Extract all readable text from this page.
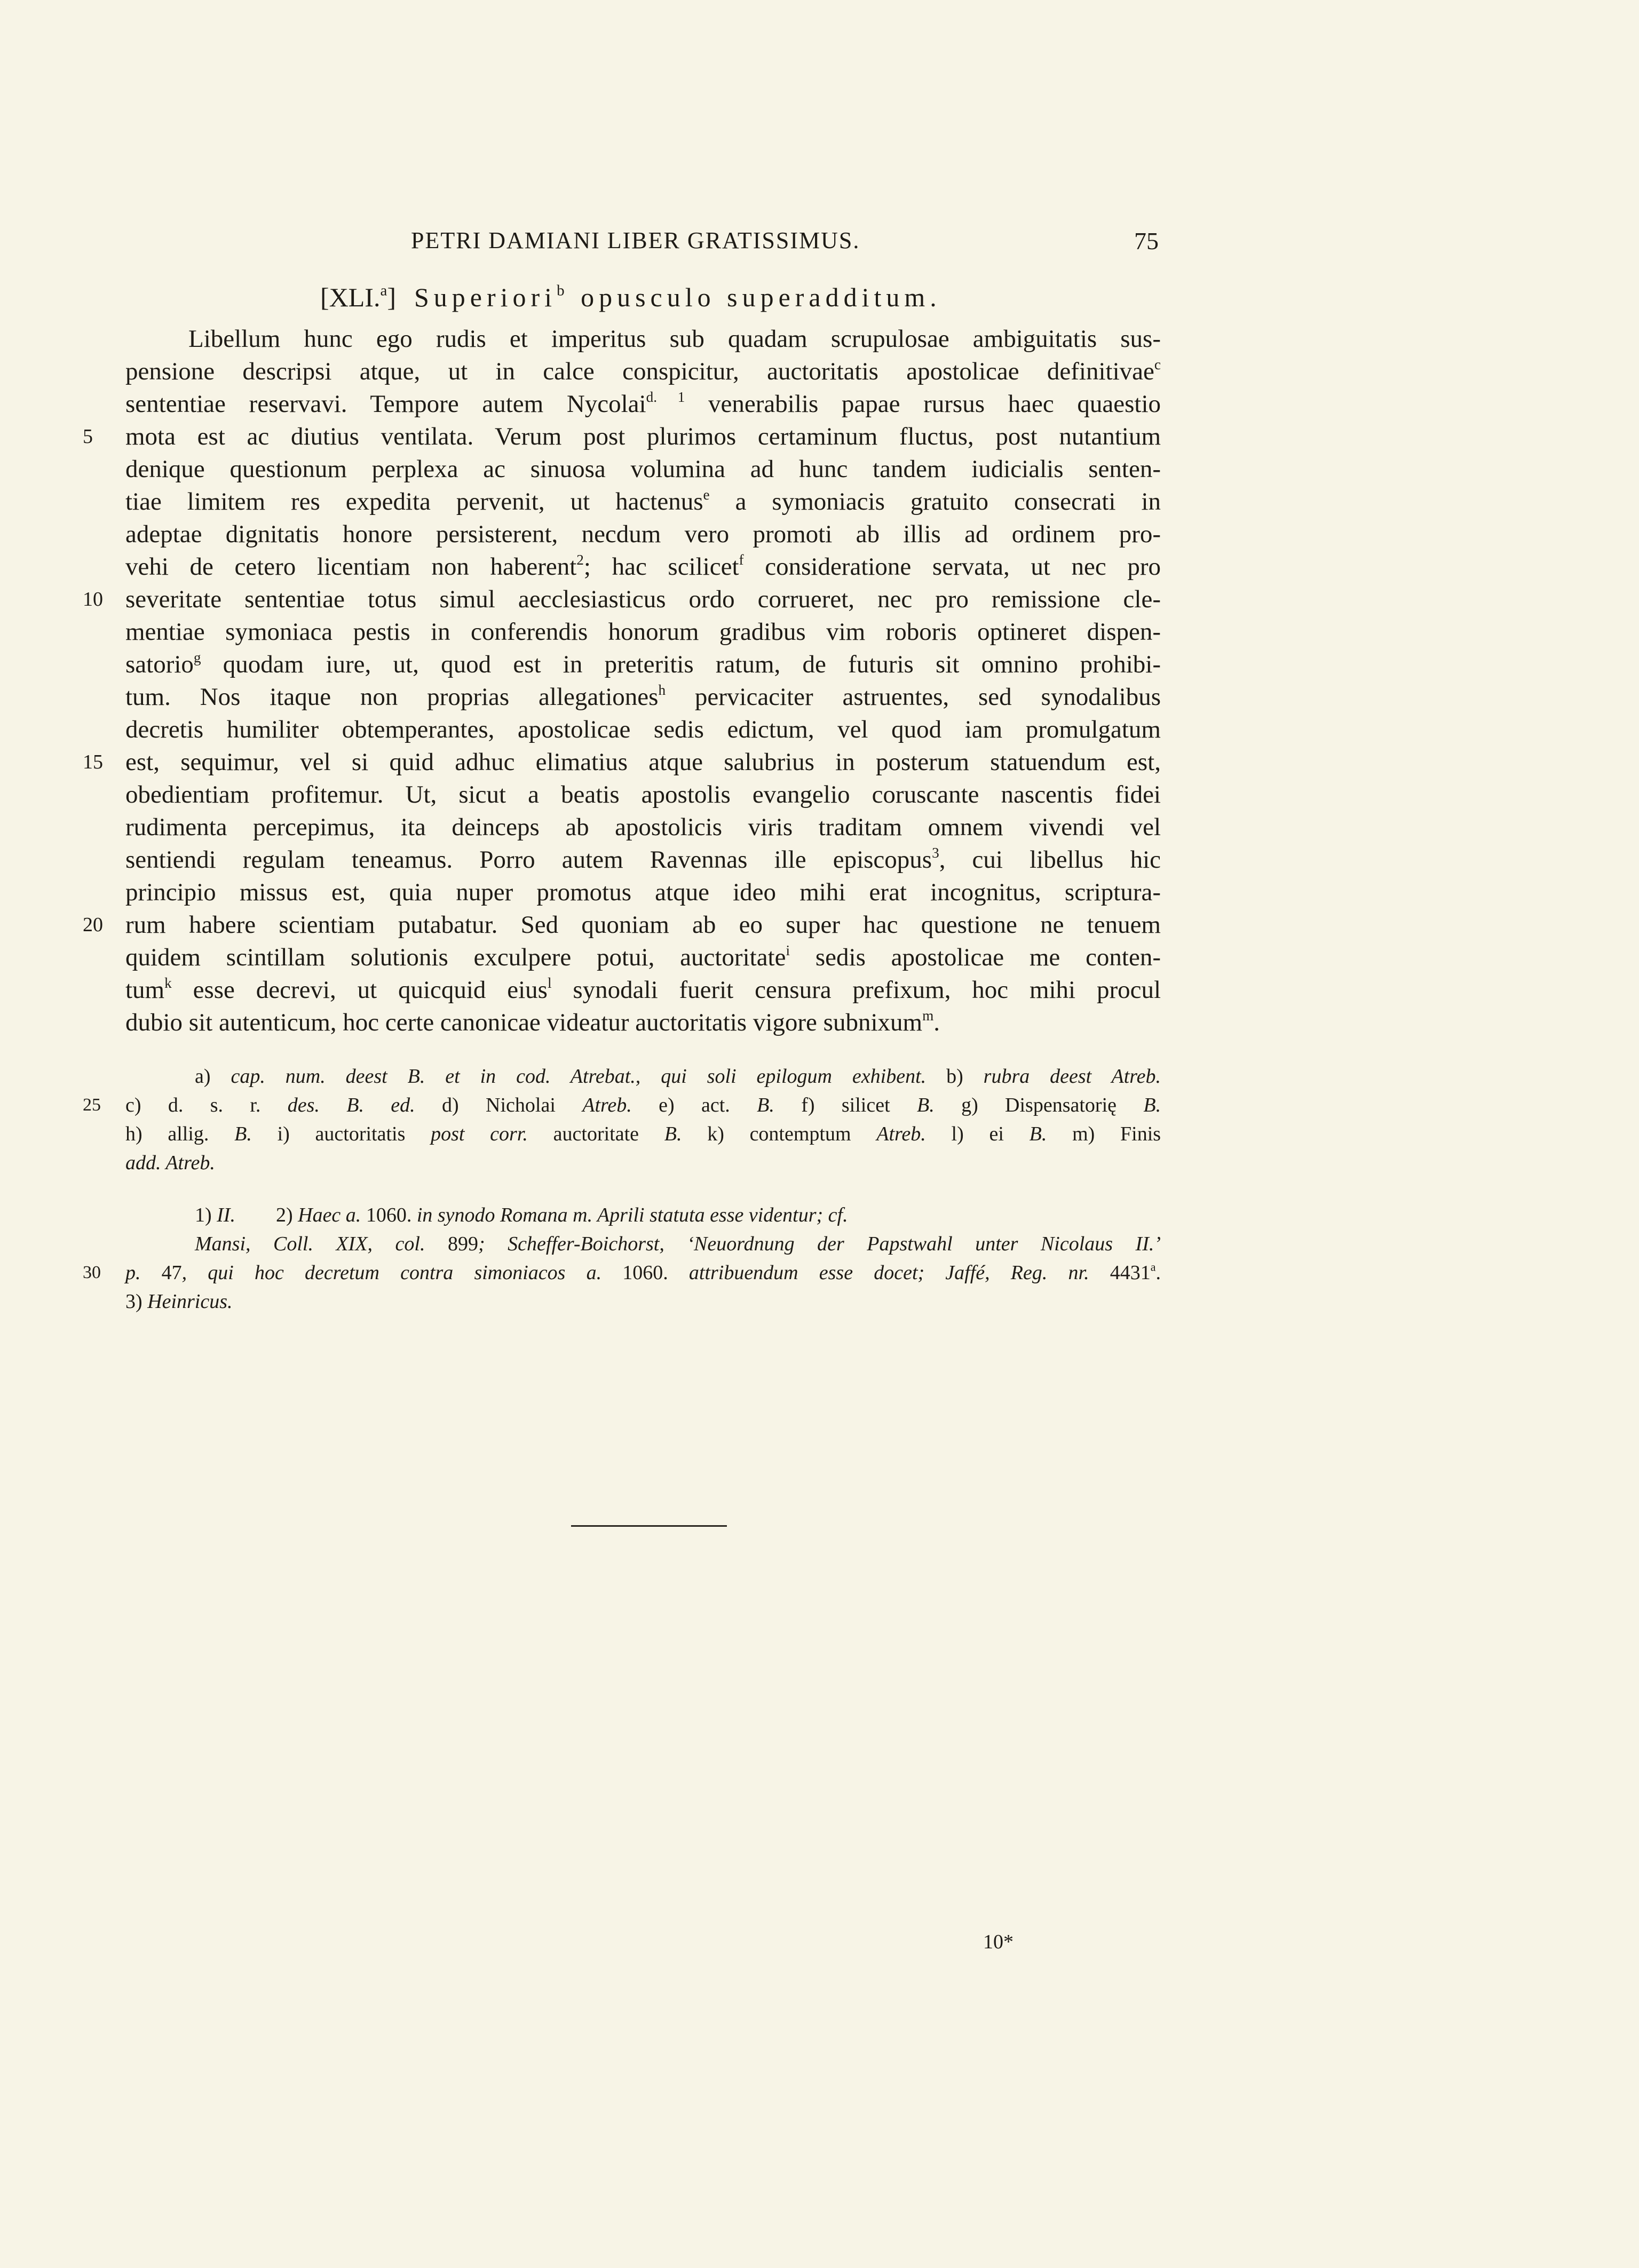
PETRI DAMIANI LIBER GRATISSIMUS.	75
[XLI.$^a$] Superiori$^b$ opusculo superadditum.
Libellum hunc ego rudis et imperitus sub quadam scrupulosae ambiguitatis sus-
pensione descripsi atque, ut in calce conspicitur, auctoritatis apostolicae definitivae$^c$
sententiae reservavi. Tempore autem Nycolai$^{d. 1}$ venerabilis papae rursus haec quaestio
5	mota est ac diutius ventilata. Verum post plurimos certaminum fluctus, post nutantium
denique questionum perplexa ac sinuosa volumina ad hunc tandem iudicialis senten-
tiae limitem res expedita pervenit, ut hactenus$^e$ a symoniacis gratuito consecrati in
adeptae dignitatis honore persisterent, necdum vero promoti ab illis ad ordinem pro-
vehi de cetero licentiam non haberent$^2$; hac scilicet$^f$ consideratione servata, ut nec pro
10 severitate sententiae totus simul aecclesiasticus ordo corrueret, nec pro remissione cle-
mentiae symoniaca pestis in conferendis honorum gradibus vim roboris optineret dispen-
satorio$^g$ quodam iure, ut, quod est in preteritis ratum, de futuris sit omnino prohibi-
tum. Nos itaque non proprias allegationes$^h$ pervicaciter astruentes, sed synodalibus
decretis humiliter obtemperantes, apostolicae sedis edictum, vel quod iam promulgatum
15 est, sequimur, vel si quid adhuc elimatius atque salubrius in posterum statuendum est,
obedientiam profitemur. Ut, sicut a beatis apostolis evangelio coruscante nascentis fidei
rudimenta percepimus, ita deinceps ab apostolicis viris traditam omnem vivendi vel
sentiendi regulam teneamus. Porro autem Ravennas ille episcopus$^3$, cui libellus hic
principio missus est, quia nuper promotus atque ideo mihi erat incognitus, scriptura-
20 rum habere scientiam putabatur. Sed quoniam ab eo super hac questione ne tenuem
quidem scintillam solutionis exculpere potui, auctoritate$^i$ sedis apostolicae me conten-
tum$^k$ esse decrevi, ut quicquid eius$^l$ synodali fuerit censura prefixum, hoc mihi procul
dubio sit autenticum, hoc certe canonicae videatur auctoritatis vigore subnixum$^m$.
a) cap. num. deest B. et in cod. Atrebat., qui soli epilogum exhibent. b) rubra deest Atreb.
25	c) d. s. r. des. B. ed. d) Nicholai Atreb. e) act. B. f) silicet B. g) Dispensatorię B.
h) allig. B. i) auctoritatis post corr. auctoritate B. k) contemptum Atreb. l) ei B. m) Finis
add. Atreb.
1) II. 2) Haec a. 1060. in synodo Romana m. Aprili statuta esse videntur; cf.
Mansi, Coll. XIX, col. 899; Scheffer-Boichorst, ‘Neuordnung der Papstwahl unter Nicolaus II.’
30	p. 47, qui hoc decretum contra simoniacos a. 1060. attribuendum esse docet; Jaffé, Reg. nr. 4431$^a$.
3) Heinricus.
10*
